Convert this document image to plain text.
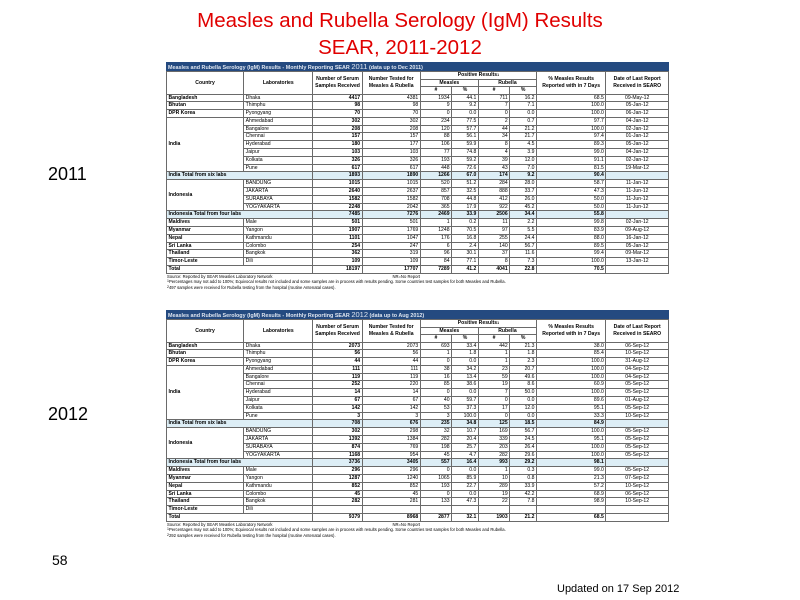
Measles and Rubella Serology (IgM) Results
SEAR, 2011-2012
2011
2012
Measles and Rubella Serology (IgM) Results - Monthly Reporting SEAR 2011 (data up to Dec 2011)
Country	Laboratories	Number of Serum Samples Received	Number Tested for Measles & Rubella	Positive Results$^1$				% Measles Results Reported with in 7 Days	Date of Last Report Received in SEARO
				Measles		Rubella			
				#	%	#	%		
Bangladesh	Dhaka	4417	4381	1934	44.1	711	16.2	68.5	09-May-12
Bhutan	Thimphu	98	98	9	9.2	7	7.1	100.0	05-Jan-12
DPR Korea	Pyongyang	70	70	0	0.0	0	0.0	100.0	06-Jan-12
India	Ahmedabad	302	302	234	77.5	2	0.7	97.7	04-Jan-12
	Bangalore	208	208	120	57.7	44	21.2	100.0	02-Jan-12
	Chennai	157	157	88	56.1	34	21.7	97.4	01-Jan-12
	Hyderabad	180	177	106	59.9	8	4.5	89.3	05-Jan-12
	Jaipur	103	103	77	74.8	4	3.9	99.0	04-Jan-12
	Kolkata	326	326	193	59.2	39	12.0	91.1	02-Jan-12
	Pune	617	617	448	72.6	43	7.0	81.5	19-Mar-12
India Total from six labs		1893	1890	1266	67.0	174	9.2	90.4	
Indonesia	BANDUNG	1015	1015	520	51.2	284	28.0	58.7	11-Jan-12
	JAKARTA	2640	2637	857	32.5	888	33.7	47.3	11-Jun-12
	SURABAYA	1582	1582	708	44.8	412	26.0	50.0	11-Jun-12
	YOGYAKARTA	2248	2042	365	17.9	922	45.2	50.0	11-Jun-12
Indonesia Total from four labs		7485	7276	2469	33.9	2506	34.4	55.8	
Maldives	Male	501	501	1	0.2	11	2.2	99.8	02-Jan-12
Myanmar	Yangon	1907	1769	1248	70.5	97	5.5	83.9	09-Aug-12
Nepal	Kathmandu	1101	1047	176	16.8	255	24.4	88.0	16-Jan-12
Sri Lanka	Colombo	254	247	6	2.4	140	56.7	89.5	05-Jan-12
Thailand	Bangkok	362	319	96	30.1	37	11.6	99.4	09-Mar-12
Timor-Leste	Dili	109	109	84	77.1	8	7.3	100.0	13-Jan-12
Total		18197	17707	7289	41.2	4041	22.8	70.5	
Source: Reported by SEAR Measles Laboratory Network	NR=No Report
$^1$Percentages may not add to 100%; Equivocal results not included and some samples are in process with results pending. Some countries test samples for both Measles and Rubella.
$^2$497 samples were received for Rubella testing from the hospital (routine Antenatal cases).
Measles and Rubella Serology (IgM) Results - Monthly Reporting SEAR 2012 (data up to Aug 2012)
Country	Laboratories	Number of Serum Samples Received	Number Tested for Measles & Rubella	Positive Results$^1$				% Measles Results Reported with in 7 Days	Date of Last Report Received in SEARO
				Measles		Rubella			
				#	%	#	%		
Bangladesh	Dhaka	2073	2073	693	33.4	442	21.3	38.0	06-Sep-12
Bhutan	Thimphu	56	56	1	1.8	1	1.8	85.4	10-Sep-12
DPR Korea	Pyongyang	44	44	0	0.0	1	2.3	100.0	31-Aug-12
India	Ahmedabad	111	111	38	34.2	23	20.7	100.0	04-Sep-12
	Bangalore	119	119	16	13.4	59	49.6	100.0	04-Sep-12
	Chennai	252	220	85	38.6	19	8.6	60.9	05-Sep-12
	Hyderabad	14	14	0	0.0	7	50.0	100.0	05-Sep-12
	Jaipur	67	67	40	59.7	0	0.0	89.6	01-Aug-12
	Kolkata	142	142	53	37.3	17	12.0	95.1	05-Sep-12
	Pune	3	3	3	100.0	0	0.0	33.3	10-Sep-12
India Total from six labs		708	676	235	34.8	125	18.5	84.9	
Indonesia	BANDUNG	302	298	32	10.7	169	56.7	100.0	05-Sep-12
	JAKARTA	1392	1384	282	20.4	339	24.5	95.1	05-Sep-12
	SURABAYA	874	769	198	25.7	203	26.4	100.0	05-Sep-12
	YOGYAKARTA	1168	954	45	4.7	282	29.6	100.0	05-Sep-12
Indonesia Total from four labs		3736	3405	557	16.4	993	29.2	98.1	
Maldives	Male	296	296	0	0.0	1	0.3	99.0	05-Sep-12
Myanmar	Yangon	1287	1240	1065	85.9	10	0.8	21.3	07-Sep-12
Nepal	Kathmandu	852	852	193	22.7	289	33.9	57.2	10-Sep-12
Sri Lanka	Colombo	45	45	0	0.0	19	42.2	68.9	06-Sep-12
Thailand	Bangkok	282	281	133	47.3	22	7.8	98.9	10-Sep-12
Timor-Leste	Dili								
Total		9379	8968	2877	32.1	1903	21.2	68.5	
Source: Reported by SEAR Measles Laboratory Network	NR=No Report
$^1$Percentages may not add to 100%; Equivocal results not included and some samples are in process with results pending. Some countries test samples for both Measles and Rubella.
$^2$292 samples were received for Rubella testing from the hospital (routine Antenatal cases).
58
Updated on 17 Sep 2012
